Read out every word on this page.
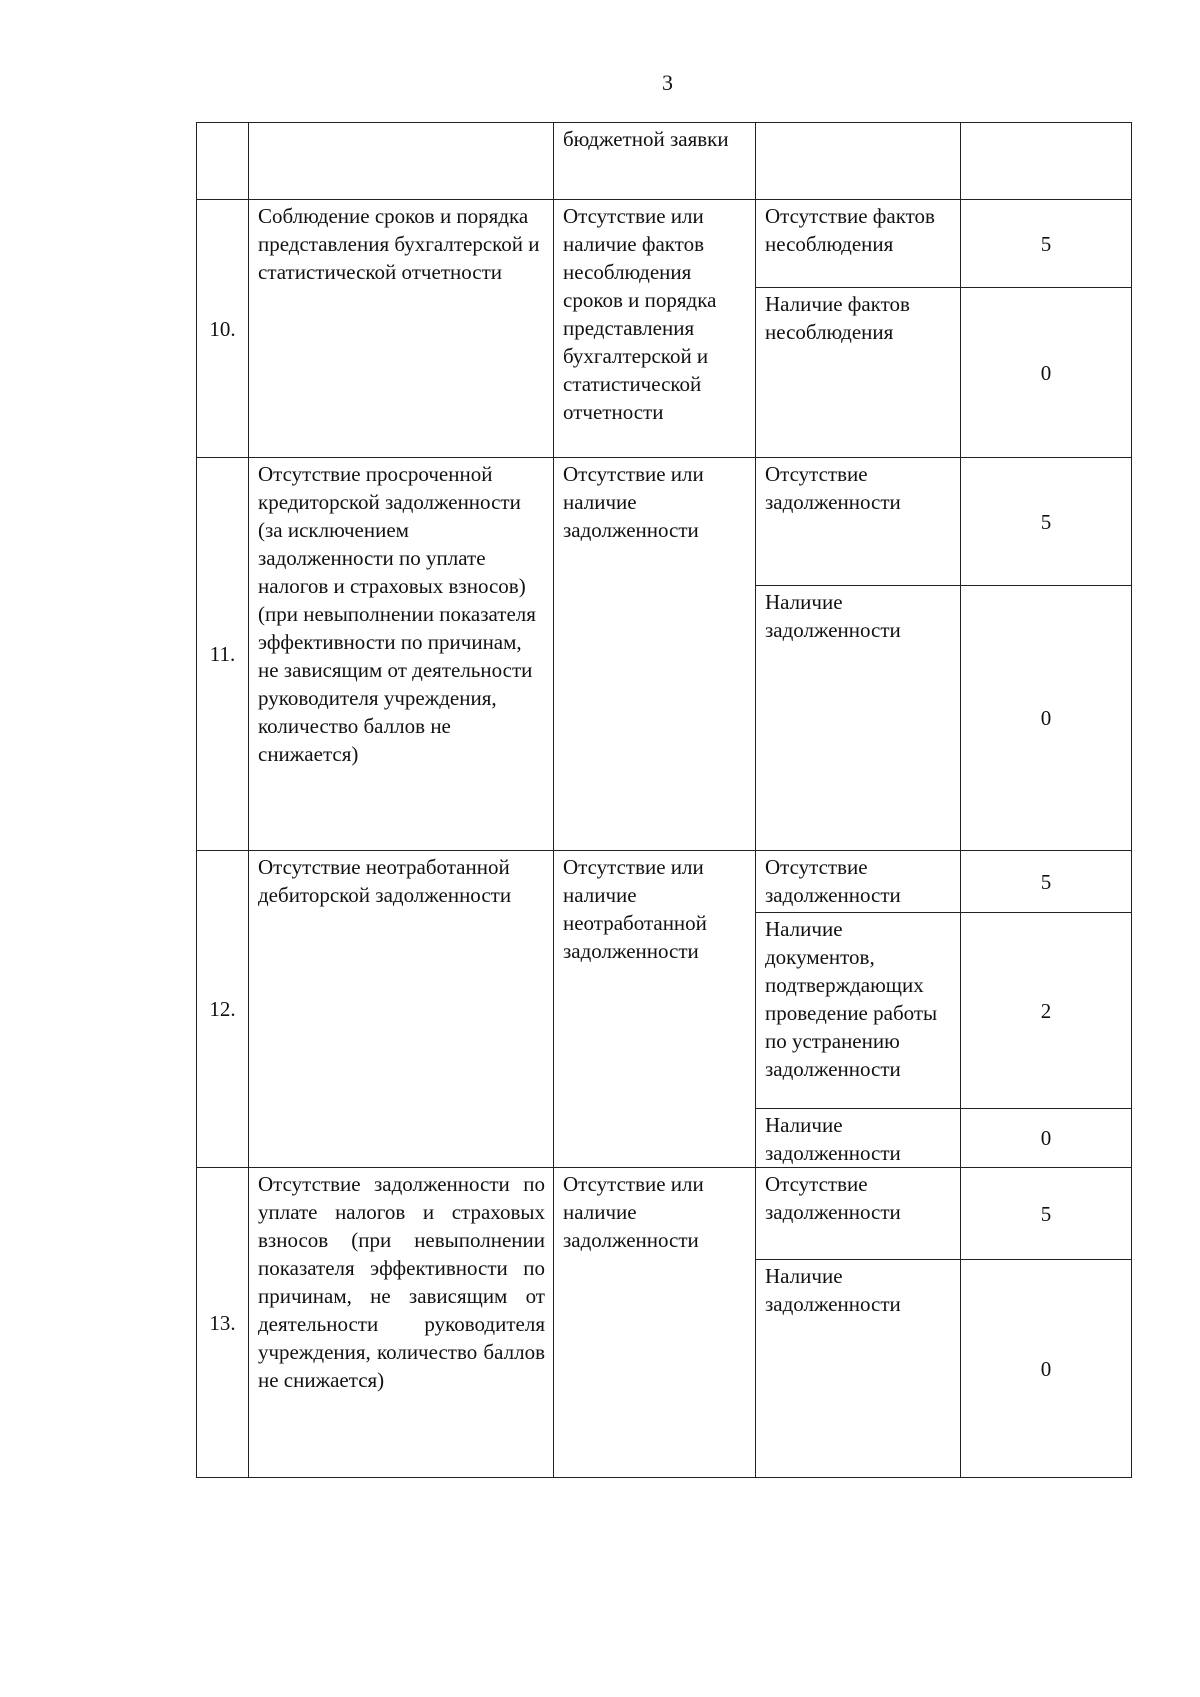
3
		бюджетной заявки		
10.	Соблюдение сроков и порядка представления бухгалтерской и статистической отчетности	Отсутствие или наличие фактов несоблюдения сроков и порядка представления бухгалтерской и статистической отчетности	Отсутствие фактов несоблюдения	5
			Наличие фактов несоблюдения	0
11.	Отсутствие просроченной кредиторской задолженности (за исключением задолженности по уплате налогов и страховых взносов) (при невыполнении показателя эффективности по причинам, не зависящим от деятельности руководителя учреждения, количество баллов не снижается)	Отсутствие или наличие задолженности	Отсутствие задолженности	5
			Наличие задолженности	0
12.	Отсутствие неотработанной дебиторской задолженности	Отсутствие или наличие неотработанной задолженности	Отсутствие задолженности	5
			Наличие документов, подтверждающих проведение работы по устранению задолженности	2
			Наличие задолженности	0
13.	Отсутствие задолженности по уплате налогов и страховых взносов (при невыполнении показателя эффективности по причинам, не зависящим от деятельности руководителя учреждения, количество баллов не снижается)	Отсутствие или наличие задолженности	Отсутствие задолженности	5
			Наличие задолженности	0
